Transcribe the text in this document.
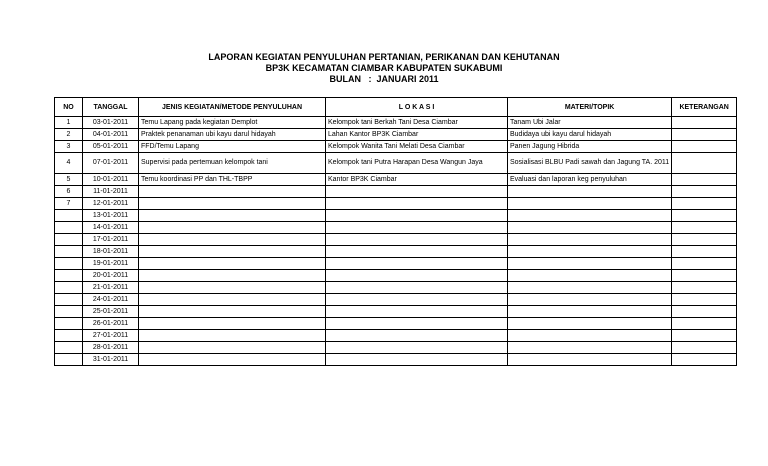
LAPORAN KEGIATAN PENYULUHAN PERTANIAN, PERIKANAN DAN KEHUTANAN
BP3K KECAMATAN CIAMBAR KABUPATEN SUKABUMI
BULAN   :  JANUARI 2011
NO	TANGGAL	JENIS KEGIATAN/METODE PENYULUHAN	L O K A S I	MATERI/TOPIK	KETERANGAN
1	03-01-2011	Temu Lapang pada kegiatan Demplot	Kelompok tani Berkah Tani Desa Ciambar	Tanam Ubi Jalar	
2	04-01-2011	Praktek penanaman ubi kayu darul hidayah	Lahan Kantor BP3K Ciambar	Budidaya ubi kayu darul hidayah	
3	05-01-2011	FFD/Temu Lapang	Kelompok Wanita Tani Melati Desa Ciambar	Panen Jagung Hibrida	
4	07-01-2011	Supervisi pada pertemuan kelompok tani	Kelompok tani Putra Harapan Desa Wangun Jaya	Sosialisasi BLBU Padi sawah dan Jagung TA. 2011	
5	10-01-2011	Temu koordinasi PP dan THL-TBPP	Kantor BP3K Ciambar	Evaluasi dan laporan keg penyuluhan	
6	11-01-2011				
7	12-01-2011				
	13-01-2011				
	14-01-2011				
	17-01-2011				
	18-01-2011				
	19-01-2011				
	20-01-2011				
	21-01-2011				
	24-01-2011				
	25-01-2011				
	26-01-2011				
	27-01-2011				
	28-01-2011				
	31-01-2011				
